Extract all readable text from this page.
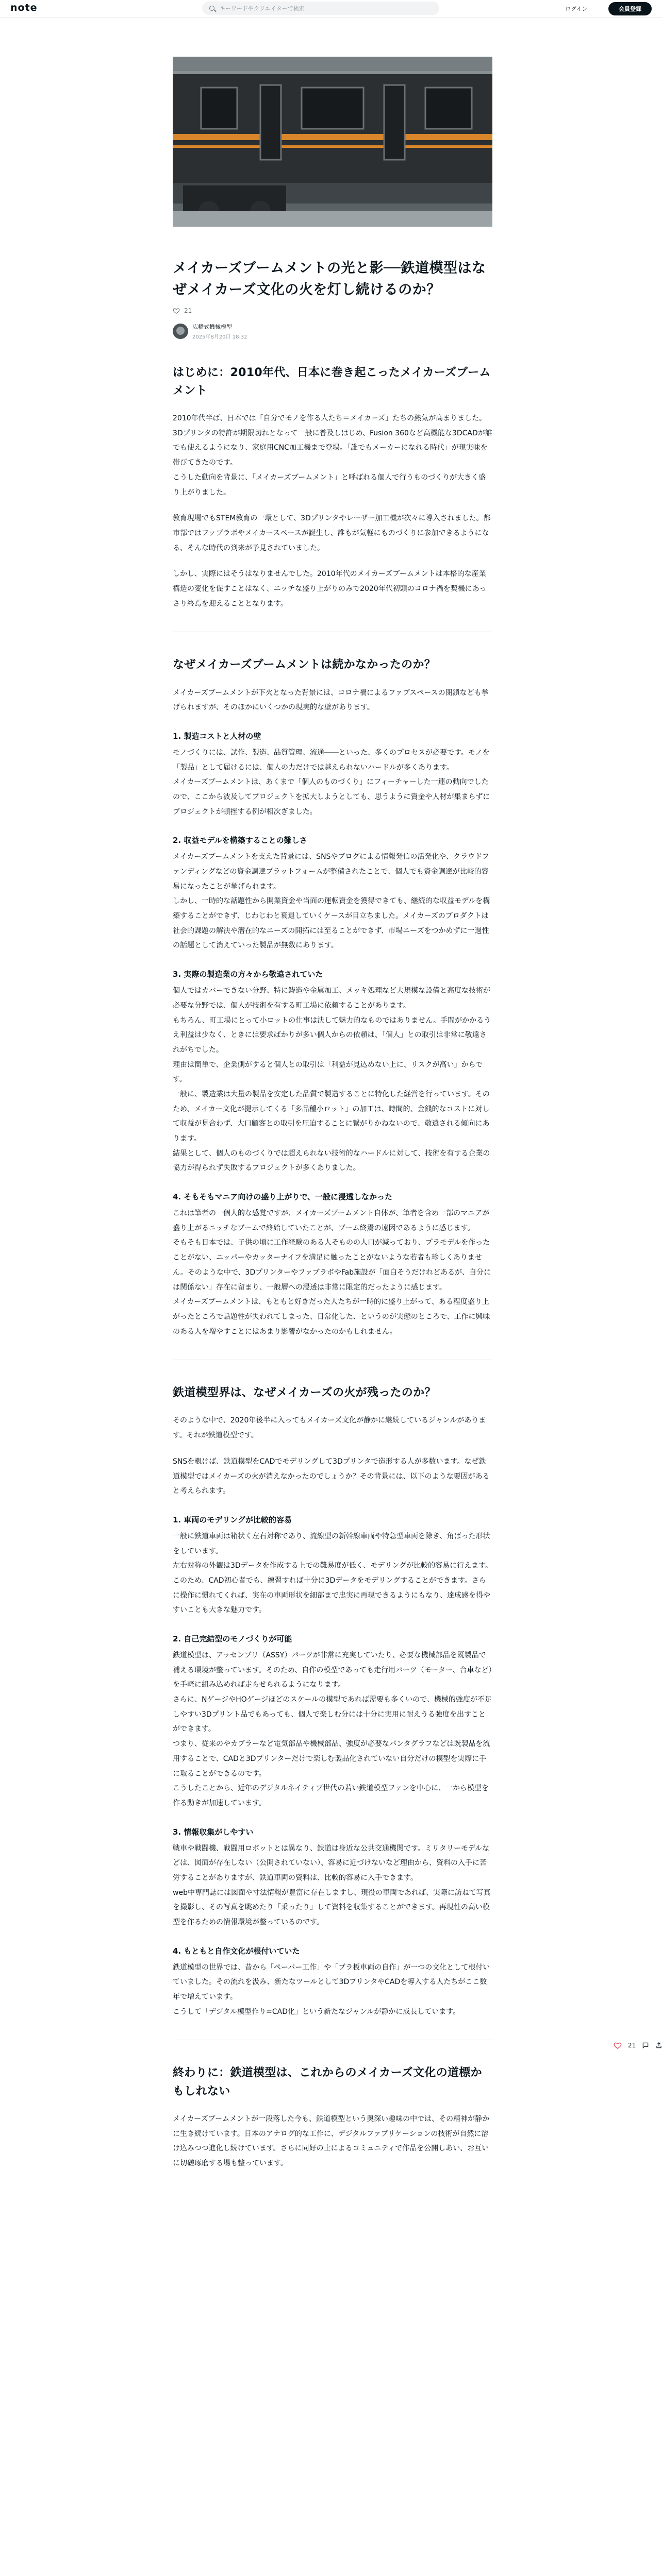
note
キーワードやクリエイターで検索	ログイン	会員登録
メイカーズブームメントの光と影──鉄道模型はなぜメイカーズ文化の火を灯し続けるのか？
21
広幡式機械模型
2025年8月20日 18:32
はじめに：2010年代、日本に巻き起こったメイカーズブームメント

2010年代半ば、日本では「自分でモノを作る人たち＝メイカーズ」たちの熱気が高まりました。3Dプリンタの特許が期限切れとなって一般に普及しはじめ、Fusion 360など高機能な3DCADが誰でも使えるようになり、家庭用CNC加工機まで登場。「誰でもメーカーになれる時代」が現実味を帯びてきたのです。
こうした動向を背景に、「メイカーズブームメント」と呼ばれる個人で行うものづくりが大きく盛り上がりました。

教育現場でもSTEM教育の一環として、3Dプリンタやレーザー加工機が次々に導入されました。都市部ではファブラボやメイカースペースが誕生し、誰もが気軽にものづくりに参加できるようになる、そんな時代の到来が予見されていました。

しかし、実際にはそうはなりませんでした。2010年代のメイカーズブームメントは本格的な産業構造の変化を促すことはなく、ニッチな盛り上がりのみで2020年代初頭のコロナ禍を契機にあっさり終焉を迎えることとなります。

なぜメイカーズブームメントは続かなかったのか？

メイカーズブームメントが下火となった背景には、コロナ禍によるファブスペースの閉鎖なども挙げられますが、そのほかにいくつかの現実的な壁があります。

1. 製造コストと人材の壁

モノづくりには、試作、製造、品質管理、流通――といった、多くのプロセスが必要です。モノを「製品」として届けるには、個人の力だけでは越えられないハードルが多くあります。
メイカーズブームメントは、あくまで「個人のものづくり」にフィーチャーした一連の動向でしたので、ここから波及してプロジェクトを拡大しようとしても、思うように資金や人材が集まらずにプロジェクトが頓挫する例が相次ぎました。

2. 収益モデルを構築することの難しさ

メイカーズブームメントを支えた背景には、SNSやブログによる情報発信の活発化や、クラウドファンディングなどの資金調達プラットフォームが整備されたことで、個人でも資金調達が比較的容易になったことが挙げられます。
しかし、一時的な話題性から開業資金や当面の運転資金を獲得できても、継続的な収益モデルを構築することができず、じわじわと衰退していくケースが目立ちました。メイカーズのプロダクトは社会的課題の解決や潜在的なニーズの開拓には至ることができず、市場ニーズをつかめずに一過性の話題として消えていった製品が無数にあります。

3. 実際の製造業の方々から敬遠されていた

個人ではカバーできない分野、特に鋳造や金属加工、メッキ処理など大規模な設備と高度な技術が必要な分野では、個人が技術を有する町工場に依頼することがあります。
もちろん、町工場にとって小ロットの仕事は決して魅力的なものではありません。手間がかかるうえ利益は少なく、ときには要求ばかりが多い個人からの依頼は、「個人」との取引は非常に敬遠されがちでした。
理由は簡単で、企業側がすると個人との取引は「利益が見込めない上に、リスクが高い」からです。
一般に、製造業は大量の製品を安定した品質で製造することに特化した経営を行っています。そのため、メイカー文化が提示してくる「多品種小ロット」の加工は、時間的、金銭的なコストに対して収益が見合わず、大口顧客との取引を圧迫することに繋がりかねないので、敬遠される傾向にあります。
結果として、個人のものづくりでは超えられない技術的なハードルに対して、技術を有する企業の協力が得られず失敗するプロジェクトが多くありました。

4. そもそもマニア向けの盛り上がりで、一般に浸透しなかった

これは筆者の一個人的な感覚ですが、メイカーズブームメント自体が、筆者を含め一部のマニアが盛り上がるニッチなブームで終始していたことが、ブーム終焉の遠因であるように感じます。
そもそも日本では、子供の頃に工作経験のある人そものの人口が減っており、プラモデルを作ったことがない、ニッパーやカッターナイフを満足に触ったことがないような若者も珍しくありません。そのような中で、3DプリンターやファブラボやFab施設が「面白そうだけれどあるが、自分には関係ない」存在に留まり、一般層への浸透は非常に限定的だったように感じます。
メイカーズブームメントは、もともと好きだった人たちが一時的に盛り上がって、ある程度盛り上がったところで話題性が失われてしまった、日常化した、というのが実態のところで、工作に興味のある人を増やすことにはあまり影響がなかったのかもしれません。

鉄道模型界は、なぜメイカーズの火が残ったのか？

そのような中で、2020年後半に入ってもメイカーズ文化が静かに継続しているジャンルがあります。それが鉄道模型です。

SNSを覗けば、鉄道模型をCADでモデリングして3Dプリンタで造形する人が多数います。なぜ鉄道模型ではメイカーズの火が消えなかったのでしょうか？その背景には、以下のような要因があると考えられます。

1. 車両のモデリングが比較的容易

一般に鉄道車両は箱状く左右対称であり、流線型の新幹線車両や特急型車両を除き、角ばった形状をしています。
左右対称の外観は3Dデータを作成する上での難易度が低く、モデリングが比較的容易に行えます。
このため、CAD初心者でも、練習すれば十分に3Dデータをモデリングすることができます。さらに操作に慣れてくれば、実在の車両形状を細部まで忠実に再現できるようにもなり、達成感を得やすいことも大きな魅力です。

2. 自己完結型のモノづくりが可能

鉄道模型は、アッセンブリ（ASSY）パーツが非常に充実していたり、必要な機械部品を既製品で補える環境が整っています。そのため、自作の模型であっても走行用パーツ（モーター、台車など）を手軽に組み込めれば走らせられるようになります。
さらに、NゲージやHOゲージほどのスケールの模型であれば需要も多くいので、機械的強度が不足しやすい3Dプリント品でもあっても、個人で楽しむ分には十分に実用に耐えうる強度を出すことができます。
つまり、従来のやカプラーなど電気部品や機械部品、強度が必要なパンタグラフなどは既製品を流用することで、CADと3Dプリンターだけで楽しむ製品化されていない自分だけの模型を実際に手に取ることができるのです。
こうしたことから、近年のデジタルネイティブ世代の若い鉄道模型ファンを中心に、一から模型を作る動きが加速しています。

3. 情報収集がしやすい

戦車や戦闘機、戦闘用ロボットとは異なり、鉄道は身近な公共交通機関です。ミリタリーモデルなどは、図面が存在しない（公開されていない）、容易に近づけないなど理由から、資料の入手に苦労することがありますが、鉄道車両の資料は、比較的容易に入手できます。
web中専門誌には図面や寸法情報が豊富に存在しますし、現役の車両であれば、実際に訪ねて写真を撮影し、その写真を眺めたり「乗ったり」して資料を収集することができます。再現性の高い模型を作るための情報環境が整っているのです。

4. もともと自作文化が根付いていた

鉄道模型の世界では、昔から「ペーパー工作」や「ブラ板車両の自作」が一つの文化として根付いていました。その流れを汲み、新たなツールとして3DプリンタやCADを導入する人たちがここ数年で増えています。
こうして「デジタル模型作り=CAD化」という新たなジャンルが静かに成長しています。

終わりに：鉄道模型は、これからのメイカーズ文化の道標かもしれない

メイカーズブームメントが一段落した今も、鉄道模型という奥深い趣味の中では、その精神が静かに生き続けています。日本のアナログ的な工作に、デジタルファブリケーションの技術が自然に溶け込みつつ進化し続けています。さらに同好の士によるコミュニティで作品を公開しあい、お互いに切磋琢磨する場も整っています。

21
